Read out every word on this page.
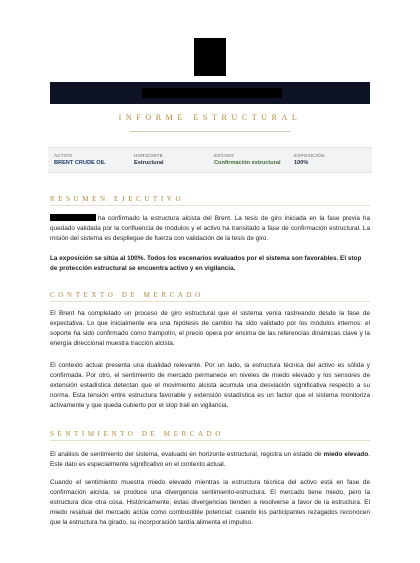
INFORME ESTRUCTURAL
ACTIVO
BRENT CRUDE OIL
HORIZONTE
Estructural
ESTADO
Confirmación estructural
EXPOSICIÓN
100%
RESUMEN EJECUTIVO
ha confirmado la estructura alcista del Brent. La tesis de giro iniciada en la fase previa ha quedado validada por la confluencia de módulos y el activo ha transitado a fase de confirmación estructural. La misión del sistema es despliegue de fuerza con validación de la tesis de giro.
La exposición se sitúa al 100%. Todos los escenarios evaluados por el sistema son favorables. El stop de protección estructural se encuentra activo y en vigilancia.
CONTEXTO DE MERCADO
El Brent ha completado un proceso de giro estructural que el sistema venía rastreando desde la fase de expectativa. Lo que inicialmente era una hipótesis de cambio ha sido validado por los módulos internos: el soporte ha sido confirmado como trampolín, el precio opera por encima de las referencias dinámicas clave y la energía direccional muestra tracción alcista.
El contexto actual presenta una dualidad relevante. Por un lado, la estructura técnica del activo es sólida y confirmada. Por otro, el sentimiento de mercado permanece en niveles de miedo elevado y los sensores de extensión estadística detectan que el movimiento alcista acumula una desviación significativa respecto a su norma. Esta tensión entre estructura favorable y extensión estadística es un factor que el sistema monitoriza activamente y que queda cubierto por el stop trail en vigilancia.
SENTIMIENTO DE MERCADO
El análisis de sentimiento del sistema, evaluado en horizonte estructural, registra un estado de miedo elevado. Este dato es especialmente significativo en el contexto actual.
Cuando el sentimiento muestra miedo elevado mientras la estructura técnica del activo está en fase de confirmación alcista, se produce una divergencia sentimiento-estructura. El mercado tiene miedo, pero la estructura dice otra cosa. Históricamente, estas divergencias tienden a resolverse a favor de la estructura. El miedo residual del mercado actúa como combustible potencial: cuando los participantes rezagados reconocen que la estructura ha girado, su incorporación tardía alimenta el impulso.
